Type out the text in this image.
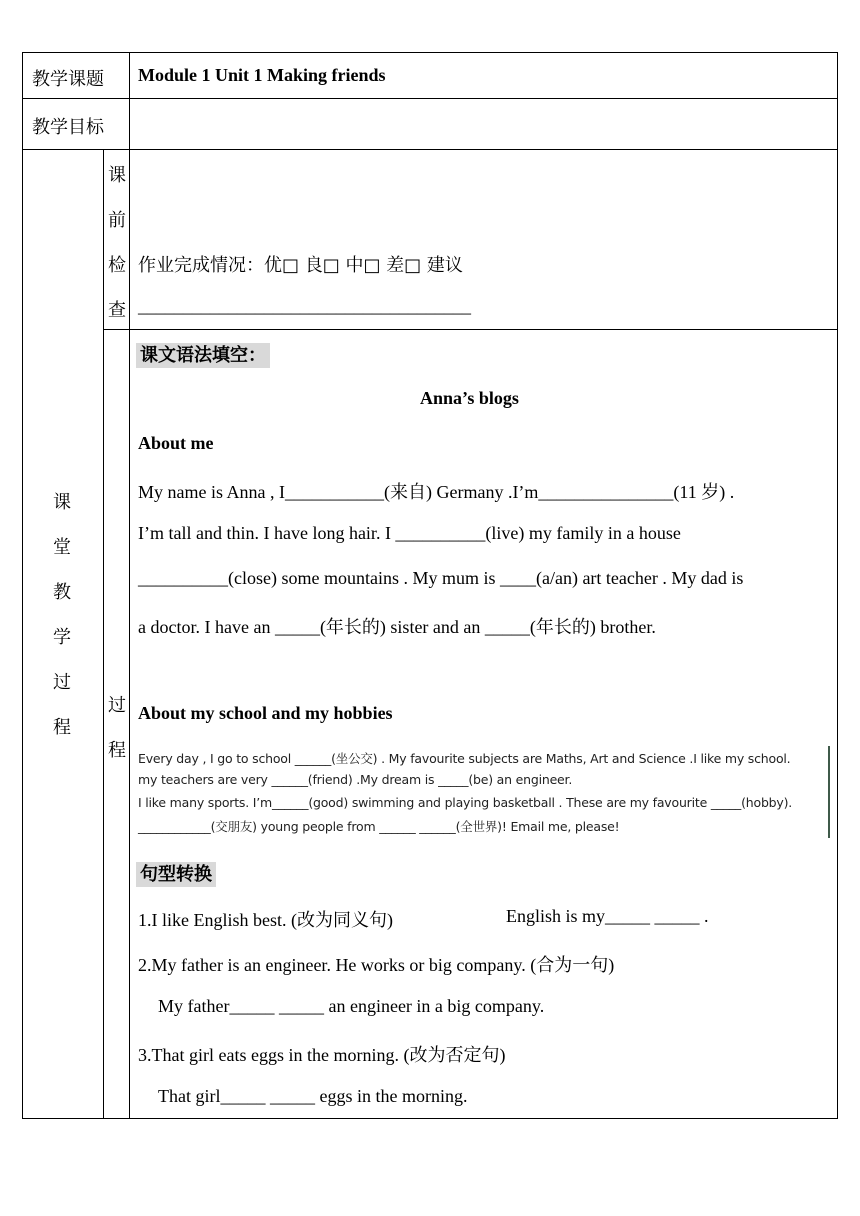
教学课题 Module 1 Unit 1 Making friends
教学目标
课
前
检
查
作业完成情况：优□ 良□ 中□ 差□ 建议
_____________________________________
课
堂
教
学
过
程
过
程
课文语法填空：
Anna’s blogs
About me
My name is Anna , I___________(来自) Germany .I’m_______________(11 岁) .
I’m tall and thin. I have long hair. I __________(live) my family in a house
__________(close) some mountains . My mum is ____(a/an) art teacher . My dad is
a doctor. I have an _____(年长的) sister and an _____(年长的) brother.
About my school and my hobbies
Every day , I go to school ______(坐公交) . My favourite subjects are Maths, Art and Science .I like my school.
my teachers are very ______(friend) .My dream is _____(be) an engineer.
I like many sports. I’m______(good) swimming and playing basketball . These are my favourite _____(hobby).
____________(交朋友) young people from ______ ______(全世界)! Email me, please!
句型转换
1.I like English best. (改为同义句)	English is my_____ _____ .
2.My father is an engineer. He works or big company. (合为一句)
My father_____ _____ an engineer in a big company.
3.That girl eats eggs in the morning. (改为否定句)
That girl_____ _____ eggs in the morning.
